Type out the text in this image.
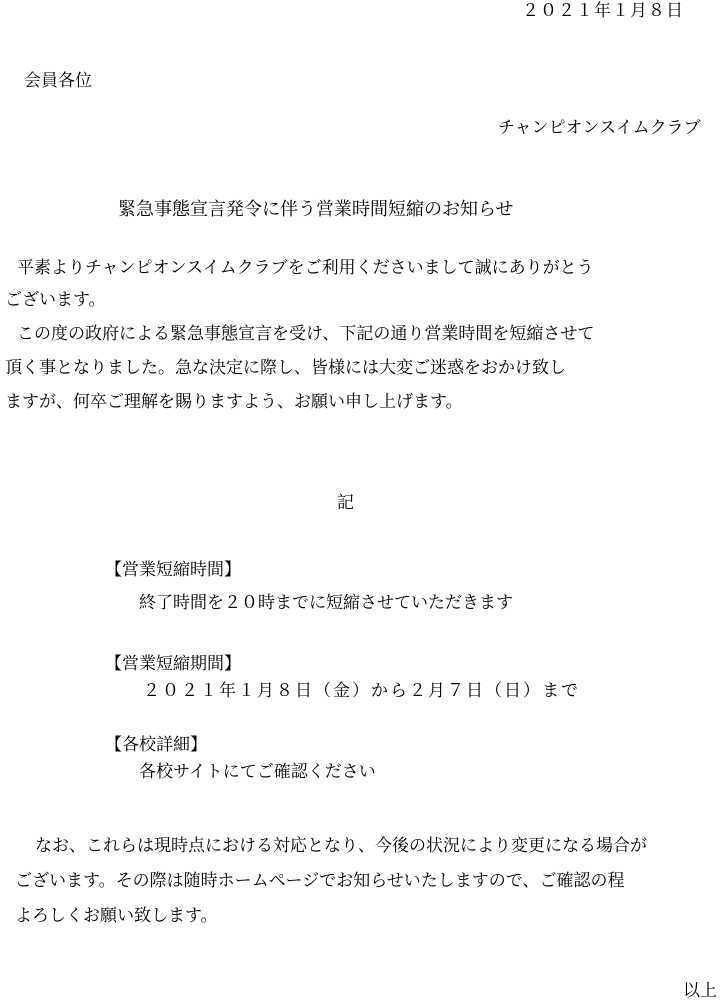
２０２１年１月８日
会員各位
チャンピオンスイムクラブ
緊急事態宣言発令に伴う営業時間短縮のお知らせ
平素よりチャンピオンスイムクラブをご利用くださいまして誠にありがとう
ございます。
この度の政府による緊急事態宣言を受け、下記の通り営業時間を短縮させて
頂く事となりました。急な決定に際し、皆様には大変ご迷惑をおかけ致し
ますが、何卒ご理解を賜りますよう、お願い申し上げます。
記
【営業短縮時間】
終了時間を２０時までに短縮させていただきます
【営業短縮期間】
２０２１年１月８日（金）から２月７日（日）まで
【各校詳細】
各校サイトにてご確認ください
なお、これらは現時点における対応となり、今後の状況により変更になる場合が
ございます。その際は随時ホームページでお知らせいたしますので、ご確認の程
よろしくお願い致します。
以上
